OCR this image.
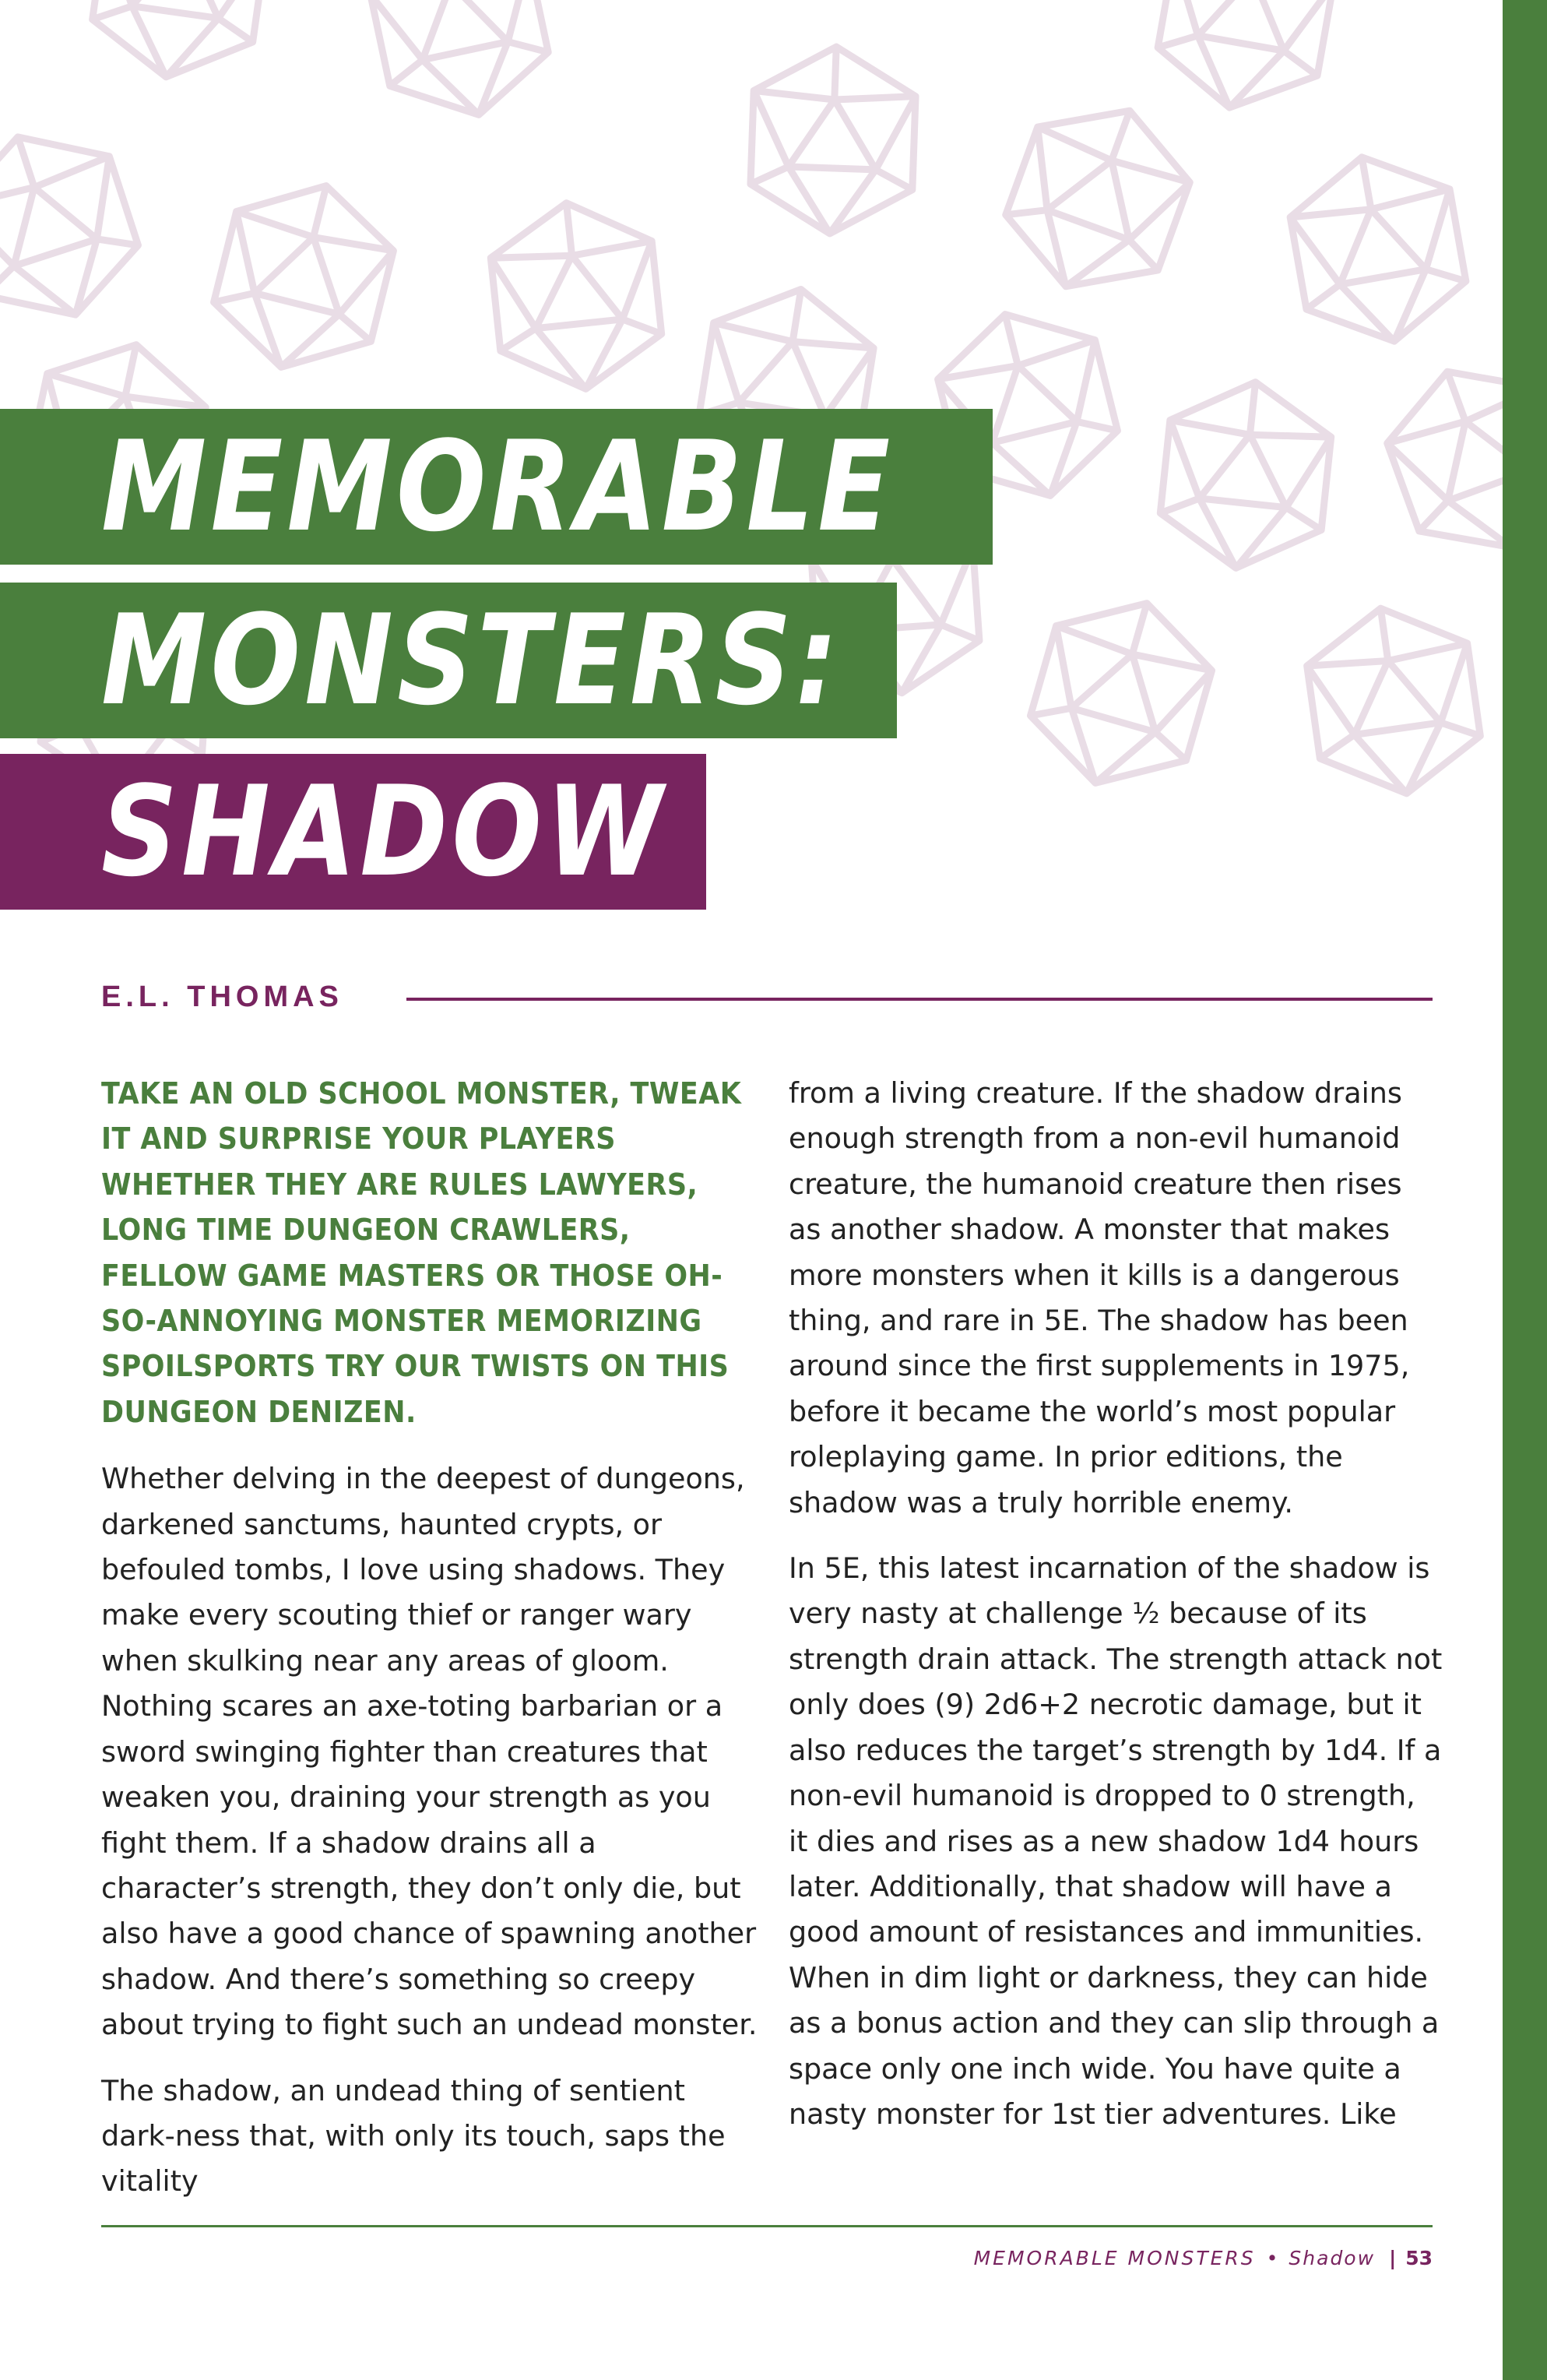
MEMORABLE
MONSTERS:
SHADOW
E.L. THOMAS

TAKE AN OLD SCHOOL MONSTER, TWEAK IT AND SURPRISE YOUR PLAYERS WHETHER THEY ARE RULES LAWYERS, LONG TIME DUNGEON CRAWLERS, FELLOW GAME MASTERS OR THOSE OH-SO-ANNOYING MONSTER MEMORIZING SPOILSPORTS TRY OUR TWISTS ON THIS DUNGEON DENIZEN.

Whether delving in the deepest of dungeons, darkened sanctums, haunted crypts, or befouled tombs, I love using shadows. They make every scouting thief or ranger wary when skulking near any areas of gloom. Nothing scares an axe-toting barbarian or a sword swinging fighter than creatures that weaken you, draining your strength as you fight them. If a shadow drains all a character’s strength, they don’t only die, but also have a good chance of spawning another shadow. And there’s something so creepy about trying to fight such an undead monster.

The shadow, an undead thing of sentient dark-ness that, with only its touch, saps the vitality

from a living creature. If the shadow drains enough strength from a non-evil humanoid creature, the humanoid creature then rises as another shadow. A monster that makes more monsters when it kills is a dangerous thing, and rare in 5E. The shadow has been around since the first supplements in 1975, before it became the world’s most popular roleplaying game. In prior editions, the shadow was a truly horrible enemy.

In 5E, this latest incarnation of the shadow is very nasty at challenge ½ because of its strength drain attack. The strength attack not only does (9) 2d6+2 necrotic damage, but it also reduces the target’s strength by 1d4. If a non-evil humanoid is dropped to 0 strength, it dies and rises as a new shadow 1d4 hours later. Additionally, that shadow will have a good amount of resistances and immunities. When in dim light or darkness, they can hide as a bonus action and they can slip through a space only one inch wide. You have quite a nasty monster for 1st tier adventures. Like

MEMORABLE MONSTERS • Shadow | 53
